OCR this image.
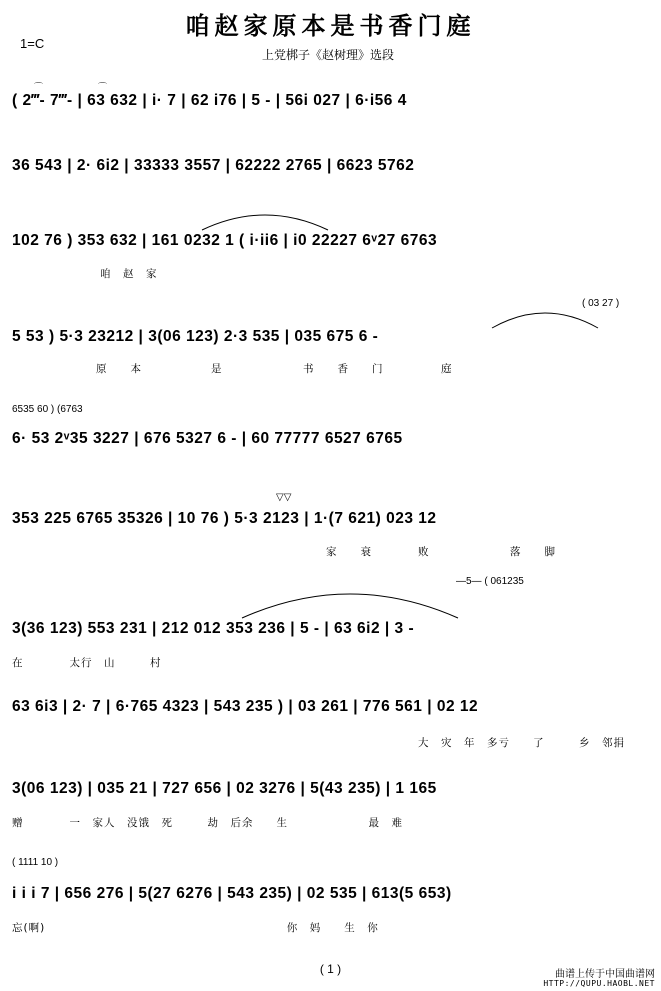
咱赵家原本是书香门庭
1=C
上党梆子《赵树理》选段
( 2‴- 7‴- | 63 632 | i· 7 | 62 i76 | 5 - | 56i 027 | 6·i56 4
⌒	⌒
36 543 | 2· 6i2 | 33333 3557 | 62222 2765 | 6623 5762
102 76 ) 353 632 | 161 0232 1 ( i·ii6 | i0 22227 6ᵛ27 6763
咱　赵　家
( 03 27 )
5 53 ) 5·3 23212 | 3(06 123) 2·3 535 | 035 675 6 -
原　　本　　　　　　是　　　　　　　书　　香　　门　　　　　庭
6535 60 ) (6763
6· 53 2ᵛ35 3227 | 676 5327 6 - | 60 77777 6527 6765
▽▽
353 225 6765 35326 | 10 76 ) 5·3 2123 | 1·(7 621) 023 12
家　　衰　　　　败　　　　　　　落　　脚
—5— ( 061235
3(36 123) 553 231 | 212 012 353 236 | 5 - | 63 6i2 | 3 -
在　　　　太行　山　　　村
63 6i3 | 2· 7 | 6·765 4323 | 543 235 ) | 03 261 | 776 561 | 02 12
大　灾　年　多亏　　了　　　乡　邻捐
3(06 123) | 035 21 | 727 656 | 02 3276 | 5(43 235) | 1 165
赠　　　　一　家人　没饿　死　　　劫　后余　　生　　　　　　　最　难
( 1111 10 )
i i i 7 | 656 276 | 5(27 6276 | 543 235) | 02 535 | 613(5 653)
忘(啊)　　　　　　　　　　　　　　　　　　　　　你　妈　　生　你
( 1 )	曲谱上传于中国曲谱网
HTTP://QUPU.HAOBL.NET
